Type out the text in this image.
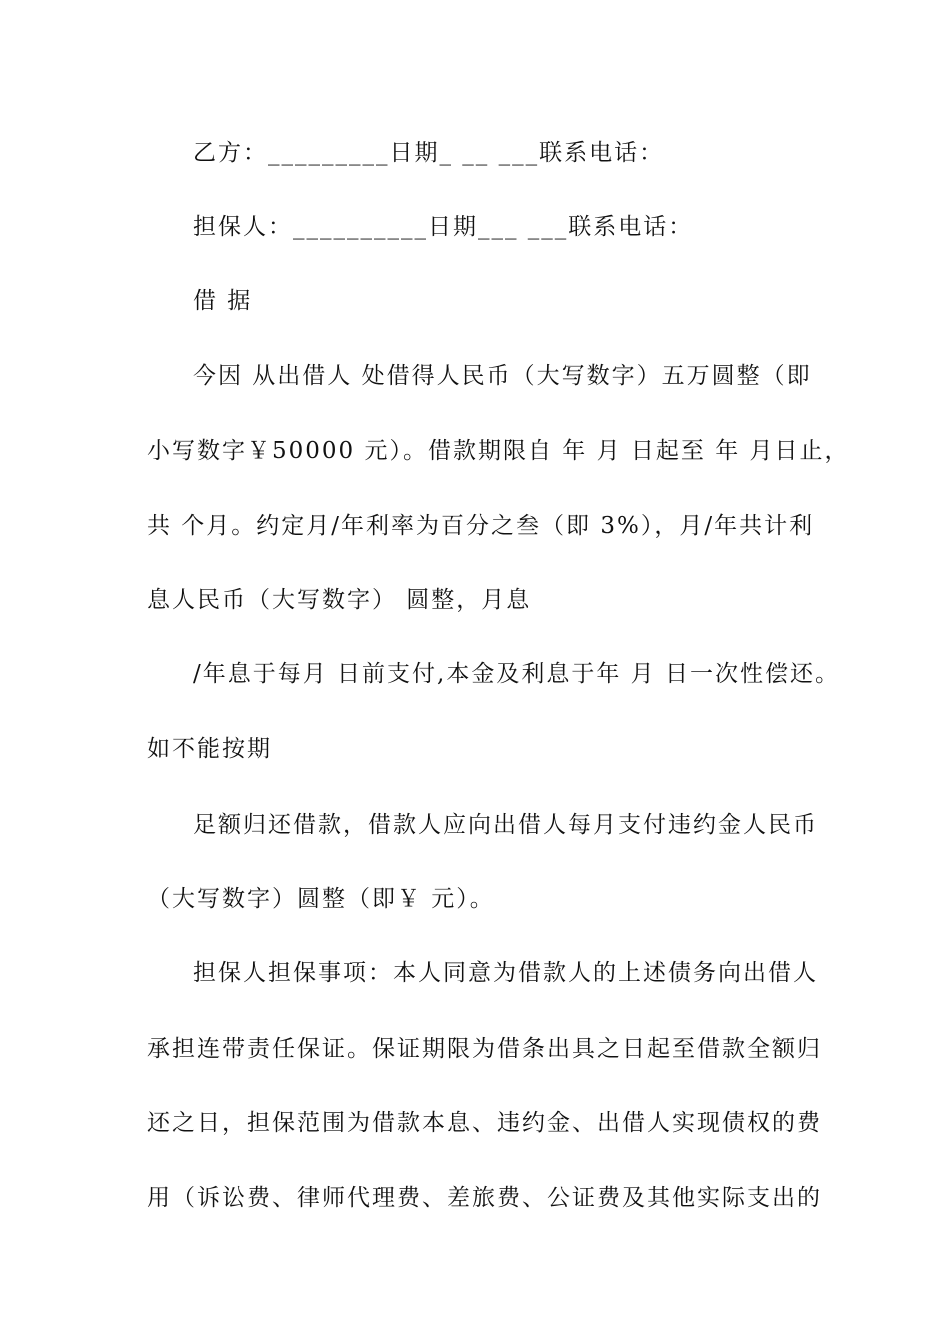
乙方：_________日期_ __ ___联系电话：
担保人：__________日期___ ___联系电话：
借 据
今因 从出借人 处借得人民币（大写数字）五万圆整（即
小写数字￥50000 元）。借款期限自 年 月 日起至 年 月日止，
共 个月。约定月/年利率为百分之叁（即 3%），月/年共计利
息人民币（大写数字） 圆整，月息
/年息于每月 日前支付,本金及利息于年 月 日一次性偿还。
如不能按期
足额归还借款，借款人应向出借人每月支付违约金人民币
（大写数字）圆整（即￥ 元）。
担保人担保事项：本人同意为借款人的上述债务向出借人
承担连带责任保证。保证期限为借条出具之日起至借款全额归
还之日，担保范围为借款本息、违约金、出借人实现债权的费
用（诉讼费、律师代理费、差旅费、公证费及其他实际支出的
